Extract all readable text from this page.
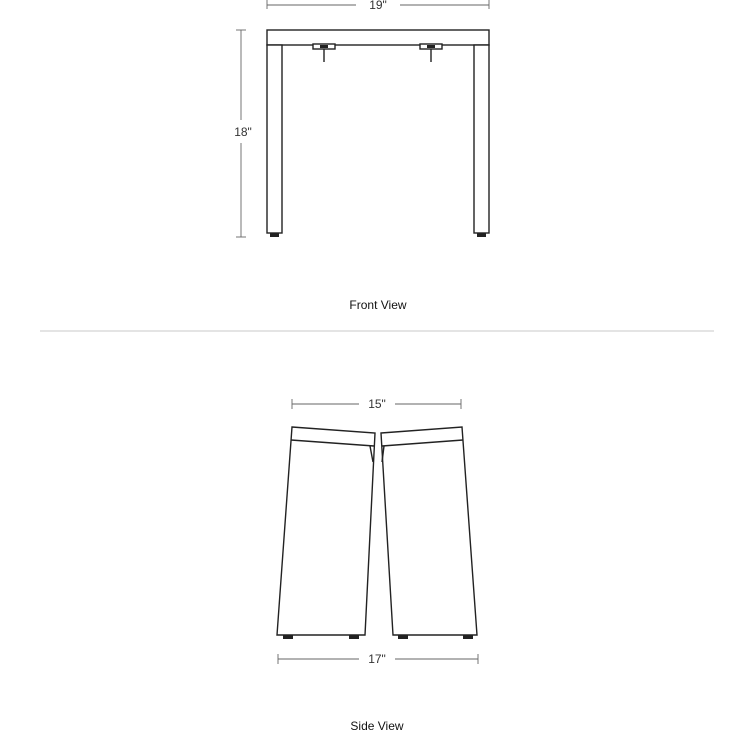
19"
18"
Front View
15"
17"
Side View
